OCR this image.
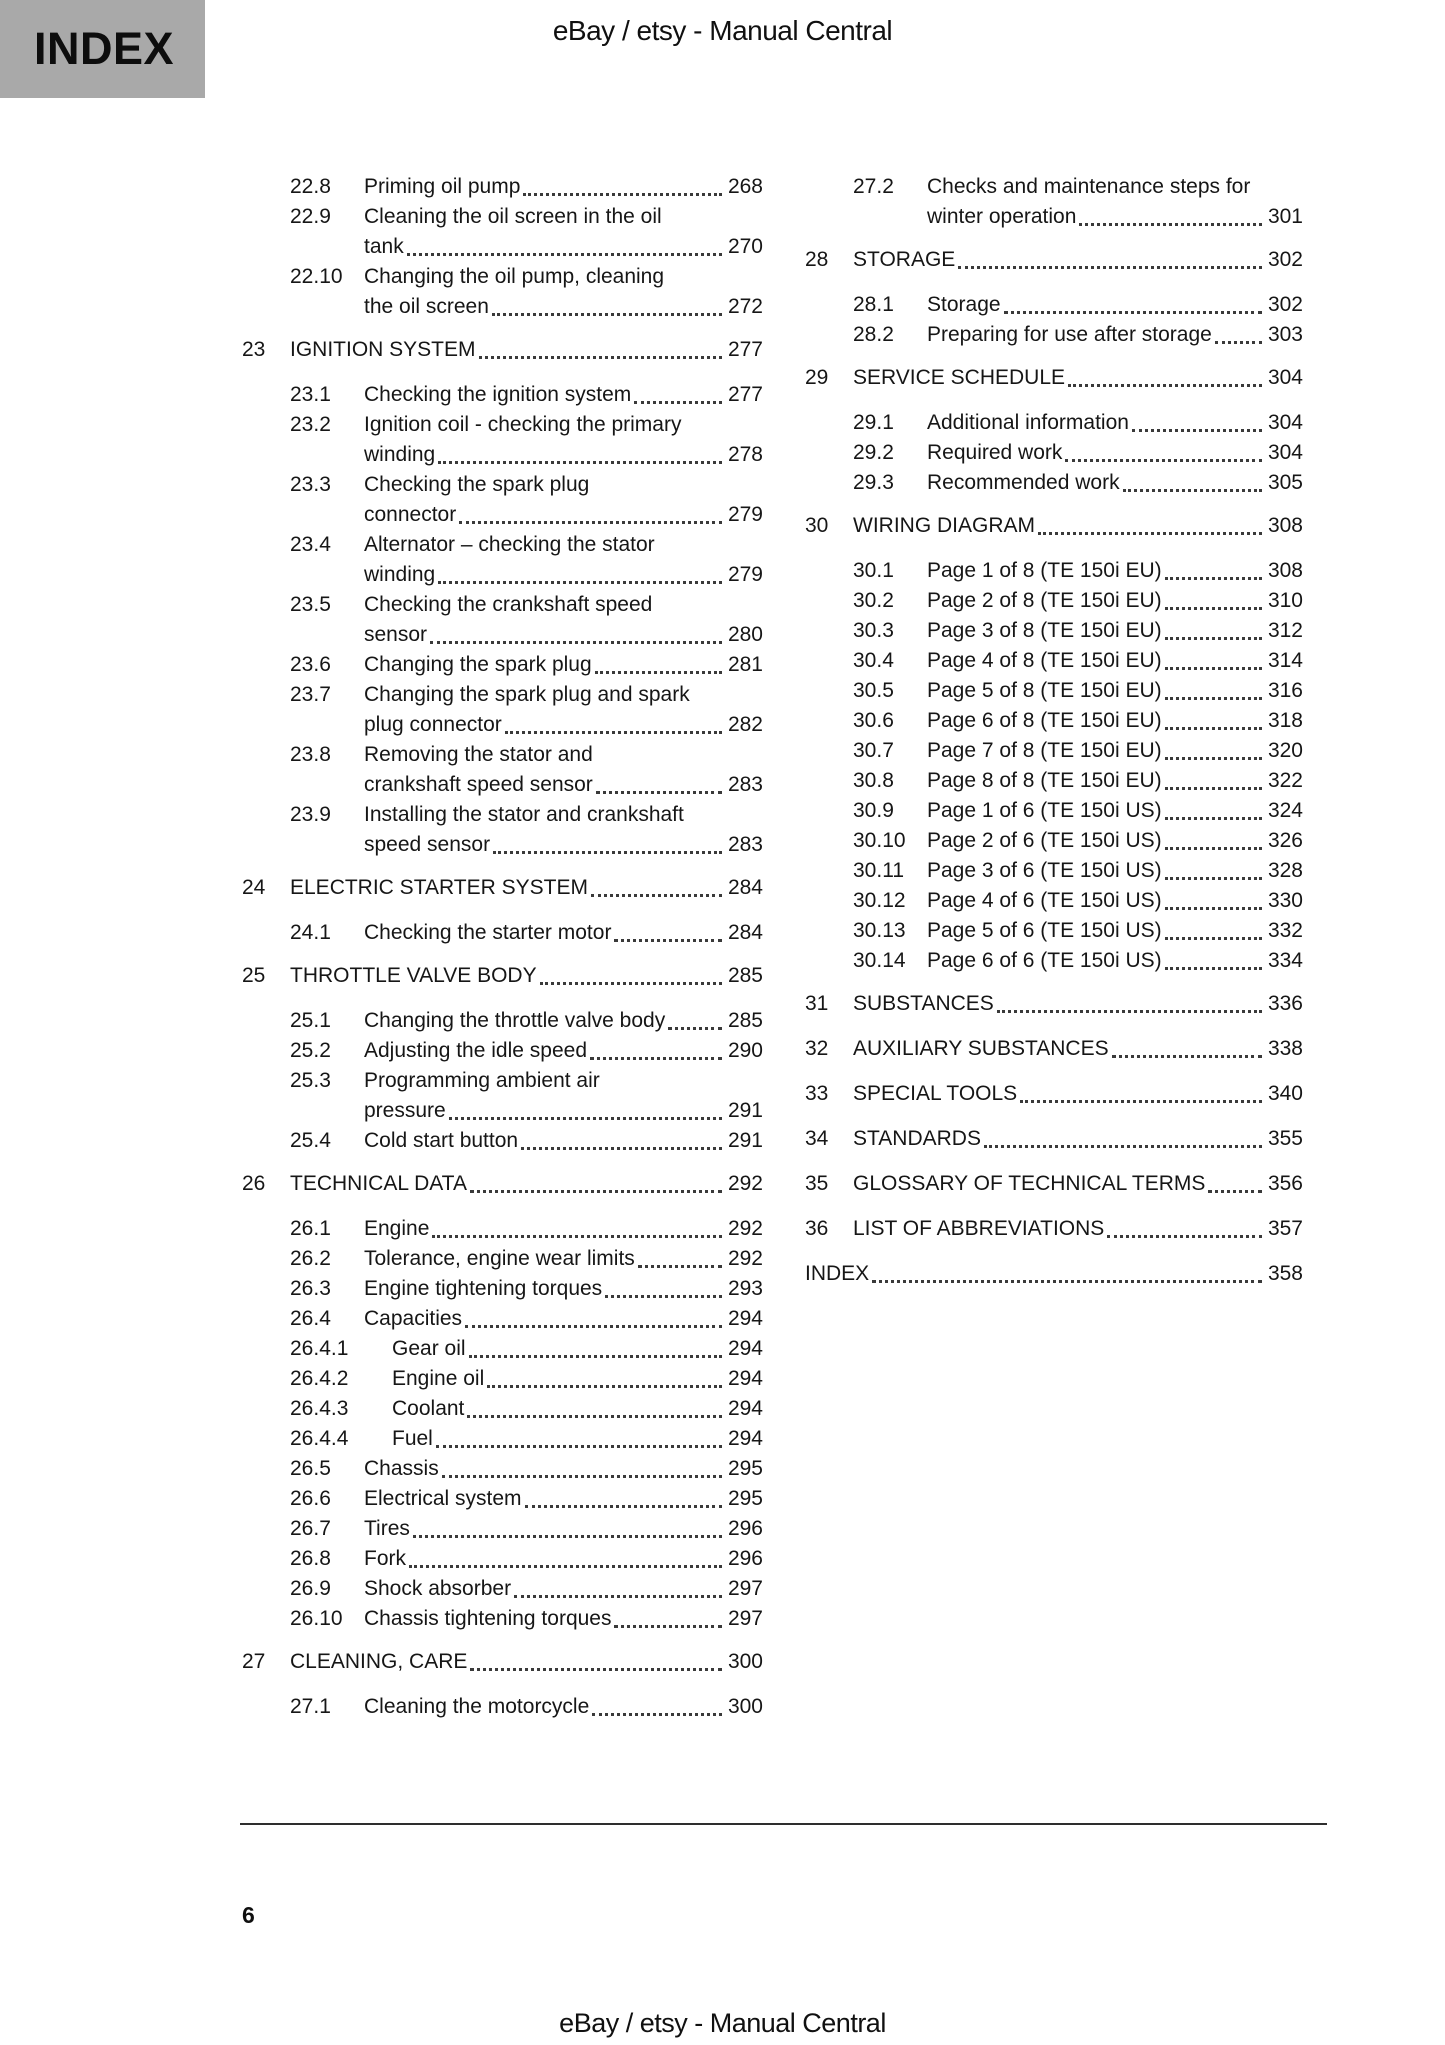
INDEX	eBay / etsy - Manual Central
22.8	Priming oil pump	268
22.9	Cleaning the oil screen in the oil
tank	270
22.10	Changing the oil pump, cleaning
the oil screen	272
23	IGNITION SYSTEM	277
23.1	Checking the ignition system	277
23.2	Ignition coil - checking the primary
winding	278
23.3	Checking the spark plug
connector	279
23.4	Alternator – checking the stator
winding	279
23.5	Checking the crankshaft speed
sensor	280
23.6	Changing the spark plug	281
23.7	Changing the spark plug and spark
plug connector	282
23.8	Removing the stator and
crankshaft speed sensor	283
23.9	Installing the stator and crankshaft
speed sensor	283
24	ELECTRIC STARTER SYSTEM	284
24.1	Checking the starter motor	284
25	THROTTLE VALVE BODY	285
25.1	Changing the throttle valve body	285
25.2	Adjusting the idle speed	290
25.3	Programming ambient air
pressure	291
25.4	Cold start button	291
26	TECHNICAL DATA	292
26.1	Engine	292
26.2	Tolerance, engine wear limits	292
26.3	Engine tightening torques	293
26.4	Capacities	294
26.4.1	Gear oil	294
26.4.2	Engine oil	294
26.4.3	Coolant	294
26.4.4	Fuel	294
26.5	Chassis	295
26.6	Electrical system	295
26.7	Tires	296
26.8	Fork	296
26.9	Shock absorber	297
26.10	Chassis tightening torques	297
27	CLEANING, CARE	300
27.1	Cleaning the motorcycle	300
27.2	Checks and maintenance steps for
winter operation	301
28	STORAGE	302
28.1	Storage	302
28.2	Preparing for use after storage	303
29	SERVICE SCHEDULE	304
29.1	Additional information	304
29.2	Required work	304
29.3	Recommended work	305
30	WIRING DIAGRAM	308
30.1	Page 1 of 8 (TE 150i EU)	308
30.2	Page 2 of 8 (TE 150i EU)	310
30.3	Page 3 of 8 (TE 150i EU)	312
30.4	Page 4 of 8 (TE 150i EU)	314
30.5	Page 5 of 8 (TE 150i EU)	316
30.6	Page 6 of 8 (TE 150i EU)	318
30.7	Page 7 of 8 (TE 150i EU)	320
30.8	Page 8 of 8 (TE 150i EU)	322
30.9	Page 1 of 6 (TE 150i US)	324
30.10	Page 2 of 6 (TE 150i US)	326
30.11	Page 3 of 6 (TE 150i US)	328
30.12	Page 4 of 6 (TE 150i US)	330
30.13	Page 5 of 6 (TE 150i US)	332
30.14	Page 6 of 6 (TE 150i US)	334
31	SUBSTANCES	336
32	AUXILIARY SUBSTANCES	338
33	SPECIAL TOOLS	340
34	STANDARDS	355
35	GLOSSARY OF TECHNICAL TERMS	356
36	LIST OF ABBREVIATIONS	357
INDEX	358
6
eBay / etsy - Manual Central
